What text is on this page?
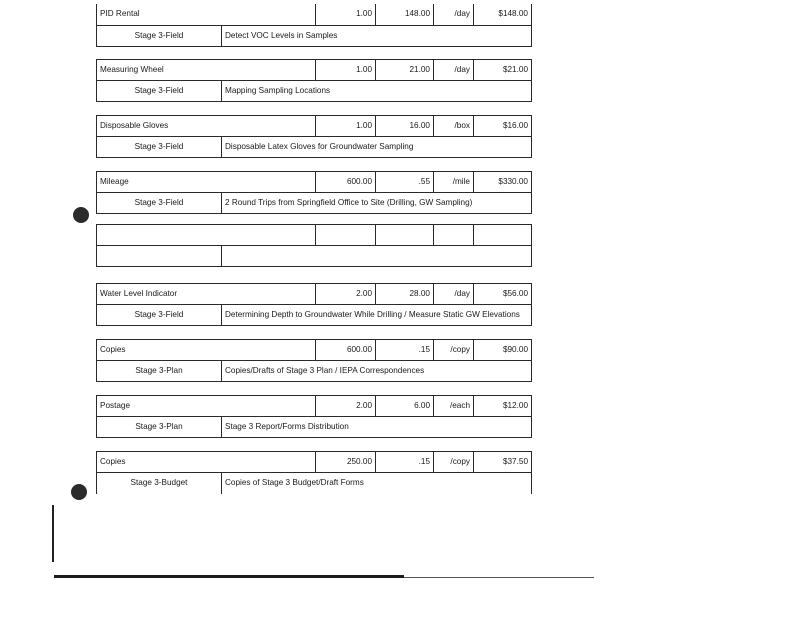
PID Rental	1.00	148.00	/day	$148.00
Stage 3-Field	Detect VOC Levels in Samples
Measuring Wheel	1.00	21.00	/day	$21.00
Stage 3-Field	Mapping Sampling Locations
Disposable Gloves	1.00	16.00	/box	$16.00
Stage 3-Field	Disposable Latex Gloves for Groundwater Sampling
Mileage	600.00	.55	/mile	$330.00
Stage 3-Field	2 Round Trips from Springfield Office to Site (Drilling, GW Sampling)
Water Level Indicator	2.00	28.00	/day	$56.00
Stage 3-Field	Determining Depth to Groundwater While Drilling / Measure Static GW Elevations
Copies	600.00	.15	/copy	$90.00
Stage 3-Plan	Copies/Drafts of Stage 3 Plan / IEPA Correspondences
Postage	2.00	6.00	/each	$12.00
Stage 3-Plan	Stage 3 Report/Forms Distribution
Copies	250.00	.15	/copy	$37.50
Stage 3-Budget	Copies of Stage 3 Budget/Draft Forms
